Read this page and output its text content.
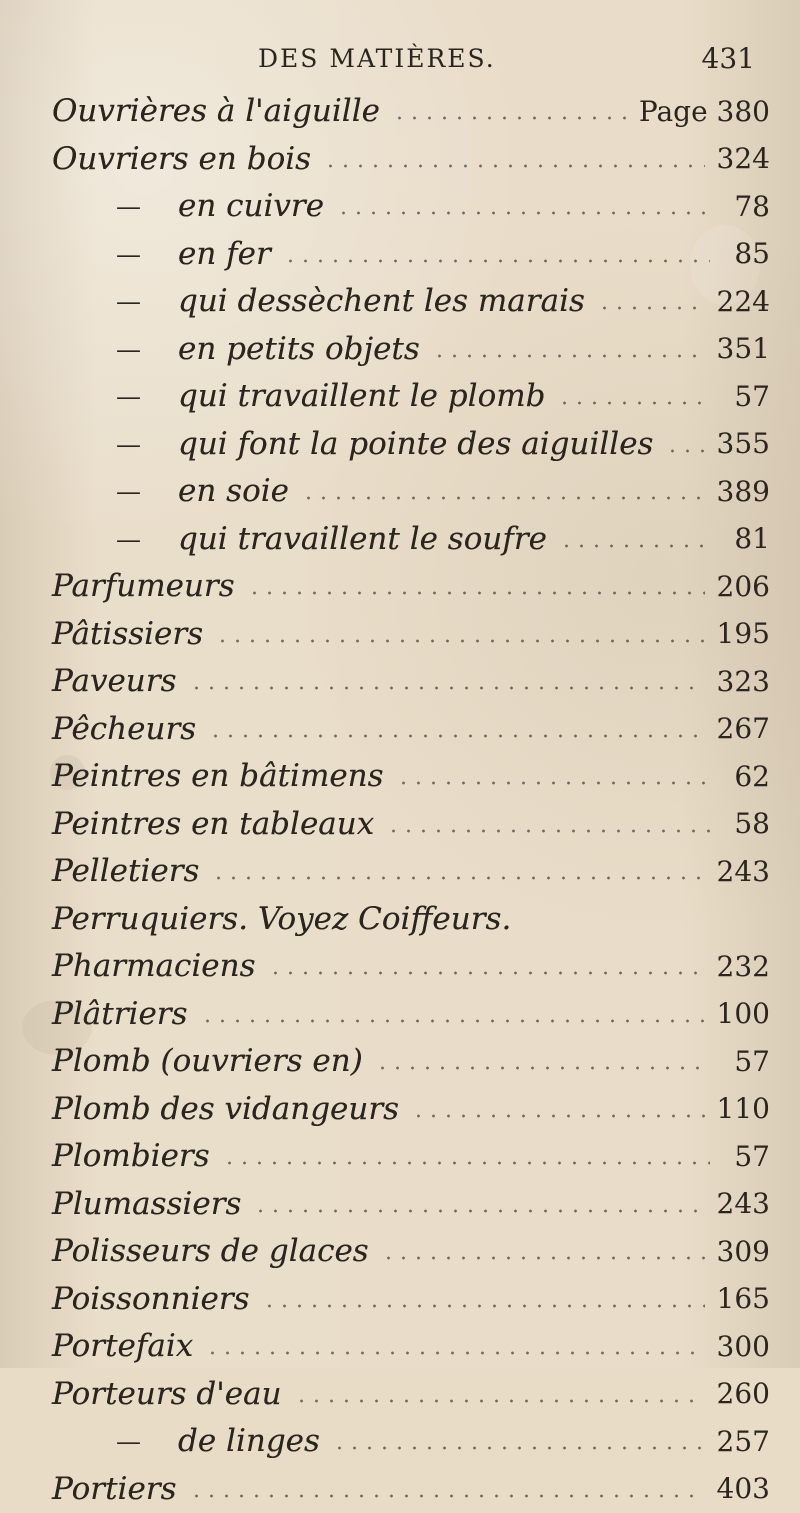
DES MATIÈRES.	431
Ouvrières à l'aiguille	Page 380
Ouvriers en bois	324
—	en cuivre	78
—	en fer	85
—	qui dessèchent les marais	224
—	en petits objets	351
—	qui travaillent le plomb	57
—	qui font la pointe des aiguilles 355
—	en soie	389
—	qui travaillent le soufre	81
Parfumeurs	206
Pâtissiers	195
Paveurs	323
Pêcheurs	267
Peintres en bâtimens	62
Peintres en tableaux	58
Pelletiers	243
Perruquiers. Voyez Coiffeurs.
Pharmaciens	232
Plâtriers	100
Plomb (ouvriers en)	57
Plomb des vidangeurs	110
Plombiers	57
Plumassiers	243
Polisseurs de glaces	309
Poissonniers	165
Portefaix	300
Porteurs d'eau	260
—	de linges	257
Portiers	403
